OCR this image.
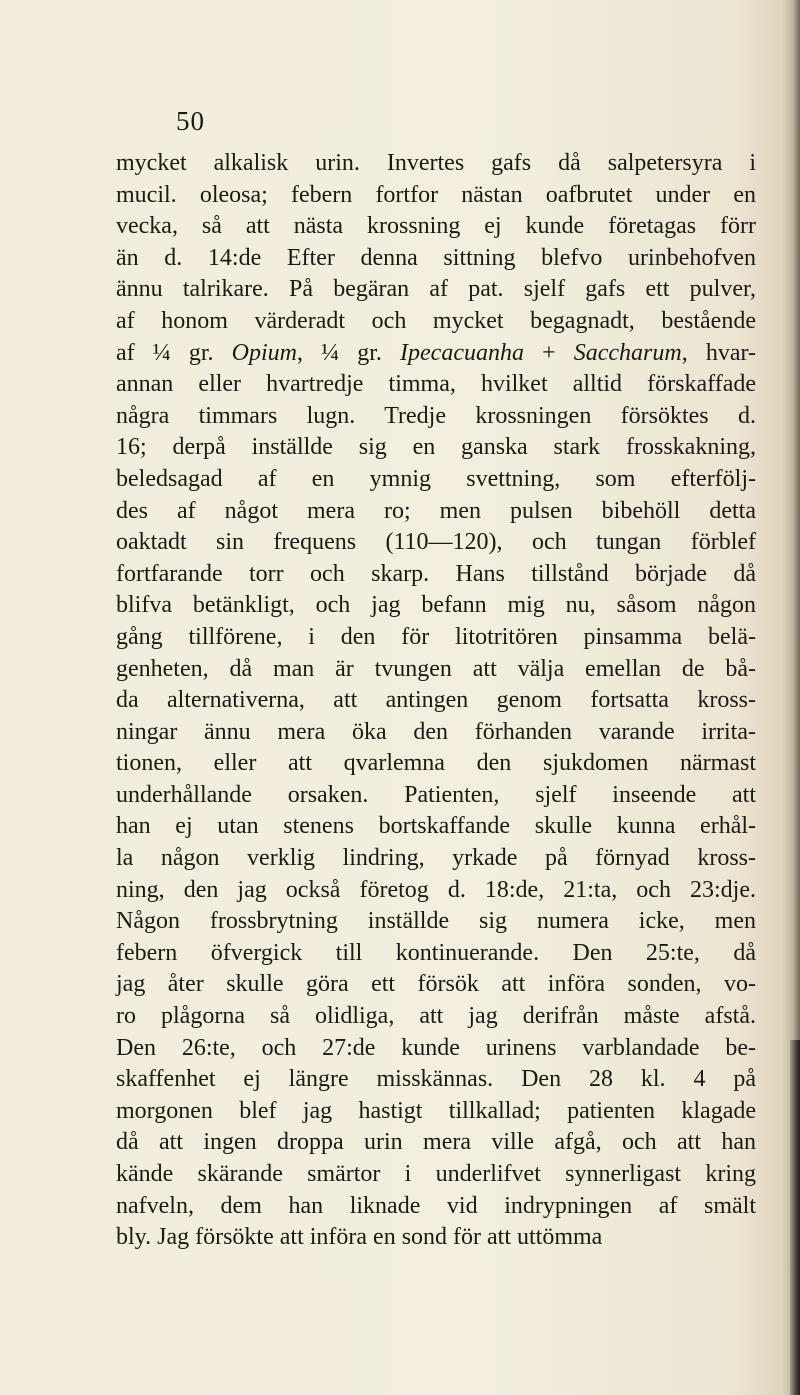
50
mycket alkalisk urin. Invertes gafs då salpetersyra i
mucil. oleosa; febern fortfor nästan oafbrutet under en
vecka, så att nästa krossning ej kunde företagas förr
än d. 14:de Efter denna sittning blefvo urinbehofven
ännu talrikare. På begäran af pat. sjelf gafs ett pulver,
af honom värderadt och mycket begagnadt, bestående
af ¼ gr. Opium, ¼ gr. Ipecacuanha + Saccharum, hvar-
annan eller hvartredje timma, hvilket alltid förskaffade
några timmars lugn. Tredje krossningen försöktes d.
16; derpå inställde sig en ganska stark frosskakning,
beledsagad af en ymnig svettning, som efterfölj-
des af något mera ro; men pulsen bibehöll detta
oaktadt sin frequens (110—120), och tungan förblef
fortfarande torr och skarp. Hans tillstånd började då
blifva betänkligt, och jag befann mig nu, såsom någon
gång tillförene, i den för litotritören pinsamma belä-
genheten, då man är tvungen att välja emellan de bå-
da alternativerna, att antingen genom fortsatta kross-
ningar ännu mera öka den förhanden varande irrita-
tionen, eller att qvarlemna den sjukdomen närmast
underhållande orsaken. Patienten, sjelf inseende att
han ej utan stenens bortskaffande skulle kunna erhål-
la någon verklig lindring, yrkade på förnyad kross-
ning, den jag också företog d. 18:de, 21:ta, och 23:dje.
Någon frossbrytning inställde sig numera icke, men
febern öfvergick till kontinuerande. Den 25:te, då
jag åter skulle göra ett försök att införa sonden, vo-
ro plågorna så olidliga, att jag derifrån måste afstå.
Den 26:te, och 27:de kunde urinens varblandade be-
skaffenhet ej längre misskännas. Den 28 kl. 4 på
morgonen blef jag hastigt tillkallad; patienten klagade
då att ingen droppa urin mera ville afgå, och att han
kände skärande smärtor i underlifvet synnerligast kring
nafveln, dem han liknade vid indrypningen af smält
bly. Jag försökte att införa en sond för att uttömma
